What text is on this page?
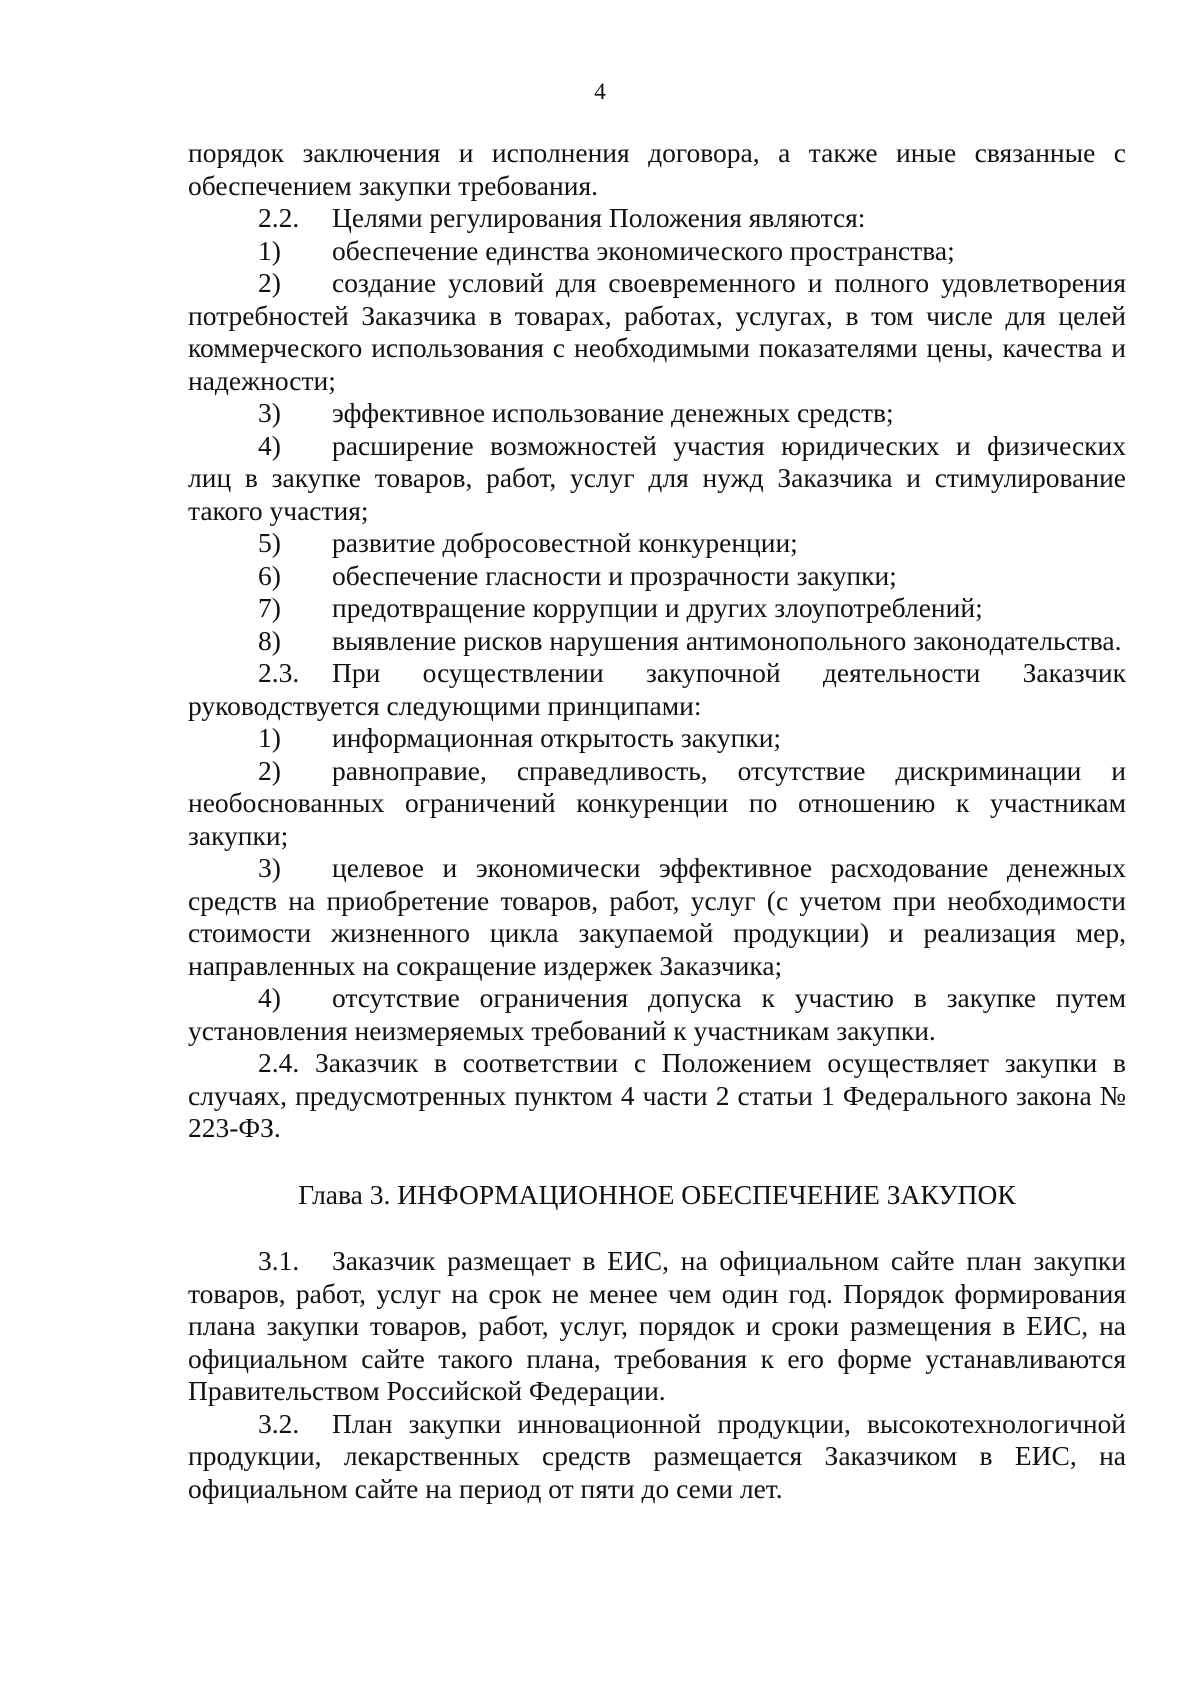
4
порядок заключения и исполнения договора, а также иные связанные с обеспечением закупки требования.
2.2. Целями регулирования Положения являются:
1) обеспечение единства экономического пространства;
2) создание условий для своевременного и полного удовлетворения потребностей Заказчика в товарах, работах, услугах, в том числе для целей коммерческого использования с необходимыми показателями цены, качества и надежности;
3) эффективное использование денежных средств;
4) расширение возможностей участия юридических и физических лиц в закупке товаров, работ, услуг для нужд Заказчика и стимулирование такого участия;
5) развитие добросовестной конкуренции;
6) обеспечение гласности и прозрачности закупки;
7) предотвращение коррупции и других злоупотреблений;
8) выявление рисков нарушения антимонопольного законодательства.
2.3. При осуществлении закупочной деятельности Заказчик руководствуется следующими принципами:
1) информационная открытость закупки;
2) равноправие, справедливость, отсутствие дискриминации и необоснованных ограничений конкуренции по отношению к участникам закупки;
3) целевое и экономически эффективное расходование денежных средств на приобретение товаров, работ, услуг (с учетом при необходимости стоимости жизненного цикла закупаемой продукции) и реализация мер, направленных на сокращение издержек Заказчика;
4) отсутствие ограничения допуска к участию в закупке путем установления неизмеряемых требований к участникам закупки.
2.4. Заказчик в соответствии с Положением осуществляет закупки в случаях, предусмотренных пунктом 4 части 2 статьи 1 Федерального закона № 223-ФЗ.
Глава 3. ИНФОРМАЦИОННОЕ ОБЕСПЕЧЕНИЕ ЗАКУПОК
3.1. Заказчик размещает в ЕИС, на официальном сайте план закупки товаров, работ, услуг на срок не менее чем один год. Порядок формирования плана закупки товаров, работ, услуг, порядок и сроки размещения в ЕИС, на официальном сайте такого плана, требования к его форме устанавливаются Правительством Российской Федерации.
3.2. План закупки инновационной продукции, высокотехнологичной продукции, лекарственных средств размещается Заказчиком в ЕИС, на официальном сайте на период от пяти до семи лет.
